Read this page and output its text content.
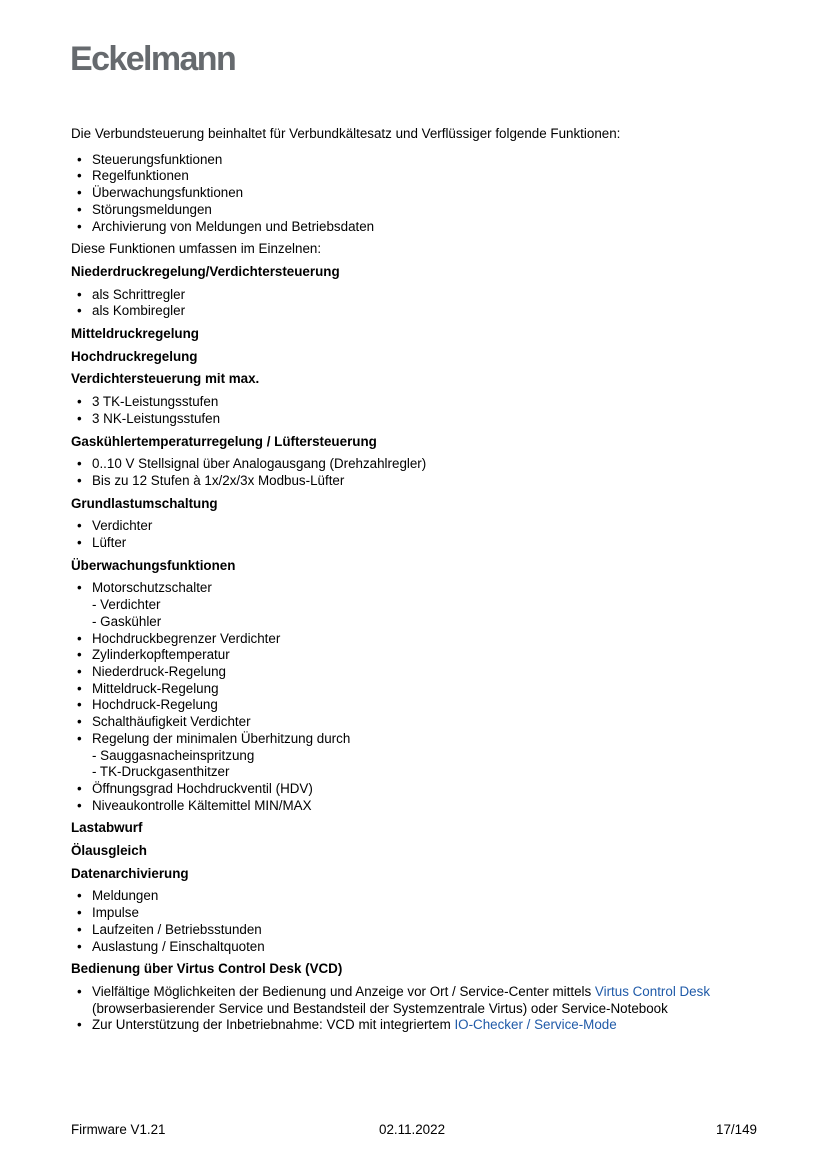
Eckelmann

Die Verbundsteuerung beinhaltet für Verbundkältesatz und Verflüssiger folgende Funktionen:

• Steuerungsfunktionen
• Regelfunktionen
• Überwachungsfunktionen
• Störungsmeldungen
• Archivierung von Meldungen und Betriebsdaten

Diese Funktionen umfassen im Einzelnen:

Niederdruckregelung/Verdichtersteuerung
• als Schrittregler
• als Kombiregler
Mitteldruckregelung
Hochdruckregelung
Verdichtersteuerung mit max.
• 3 TK-Leistungsstufen
• 3 NK-Leistungsstufen
Gaskühlertemperaturregelung / Lüftersteuerung
• 0..10 V Stellsignal über Analogausgang (Drehzahlregler)
• Bis zu 12 Stufen à 1x/2x/3x Modbus-Lüfter
Grundlastumschaltung
• Verdichter
• Lüfter
Überwachungsfunktionen
• Motorschutzschalter
- Verdichter
- Gaskühler
• Hochdruckbegrenzer Verdichter
• Zylinderkopftemperatur
• Niederdruck-Regelung
• Mitteldruck-Regelung
• Hochdruck-Regelung
• Schalthäufigkeit Verdichter
• Regelung der minimalen Überhitzung durch
- Sauggasnacheinspritzung
- TK-Druckgasenthitzer
• Öffnungsgrad Hochdruckventil (HDV)
• Niveaukontrolle Kältemittel MIN/MAX
Lastabwurf
Ölausgleich
Datenarchivierung
• Meldungen
• Impulse
• Laufzeiten / Betriebsstunden
• Auslastung / Einschaltquoten
Bedienung über Virtus Control Desk (VCD)
• Vielfältige Möglichkeiten der Bedienung und Anzeige vor Ort / Service-Center mittels Virtus Control Desk
(browserbasierender Service und Bestandsteil der Systemzentrale Virtus) oder Service-Notebook
• Zur Unterstützung der Inbetriebnahme: VCD mit integriertem IO-Checker / Service-Mode
Firmware V1.21	02.11.2022	17/149
